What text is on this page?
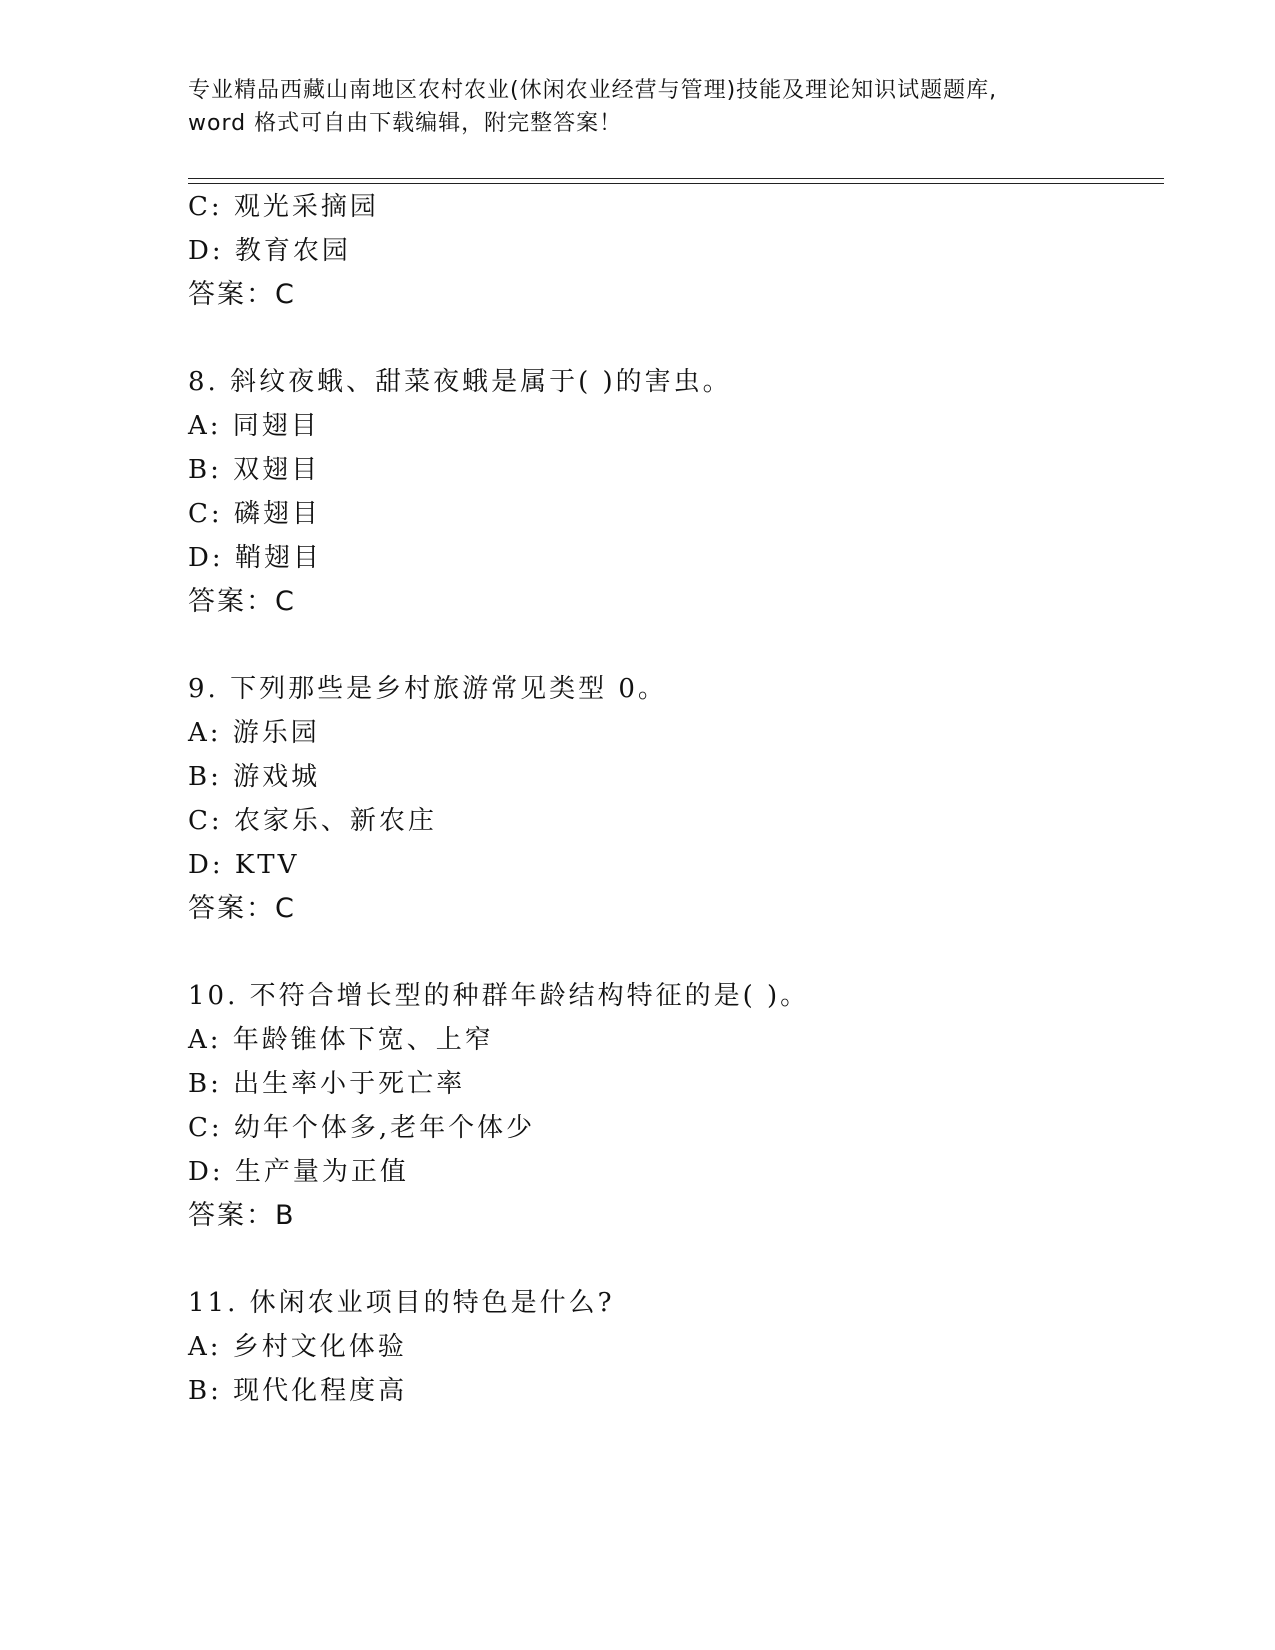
专业精品西藏山南地区农村农业(休闲农业经营与管理)技能及理论知识试题题库,
word 格式可自由下载编辑，附完整答案！
C: 观光采摘园
D: 教育农园
答案：C
8. 斜纹夜蛾、甜菜夜蛾是属于( )的害虫。
A: 同翅目
B: 双翅目
C: 磷翅目
D: 鞘翅目
答案：C
9. 下列那些是乡村旅游常见类型 0。
A: 游乐园
B: 游戏城
C: 农家乐、新农庄
D: KTV
答案：C
10. 不符合增长型的种群年龄结构特征的是( )。
A: 年龄锥体下宽、上窄
B: 出生率小于死亡率
C: 幼年个体多,老年个体少
D: 生产量为正值
答案：B
11. 休闲农业项目的特色是什么?
A: 乡村文化体验
B: 现代化程度高
